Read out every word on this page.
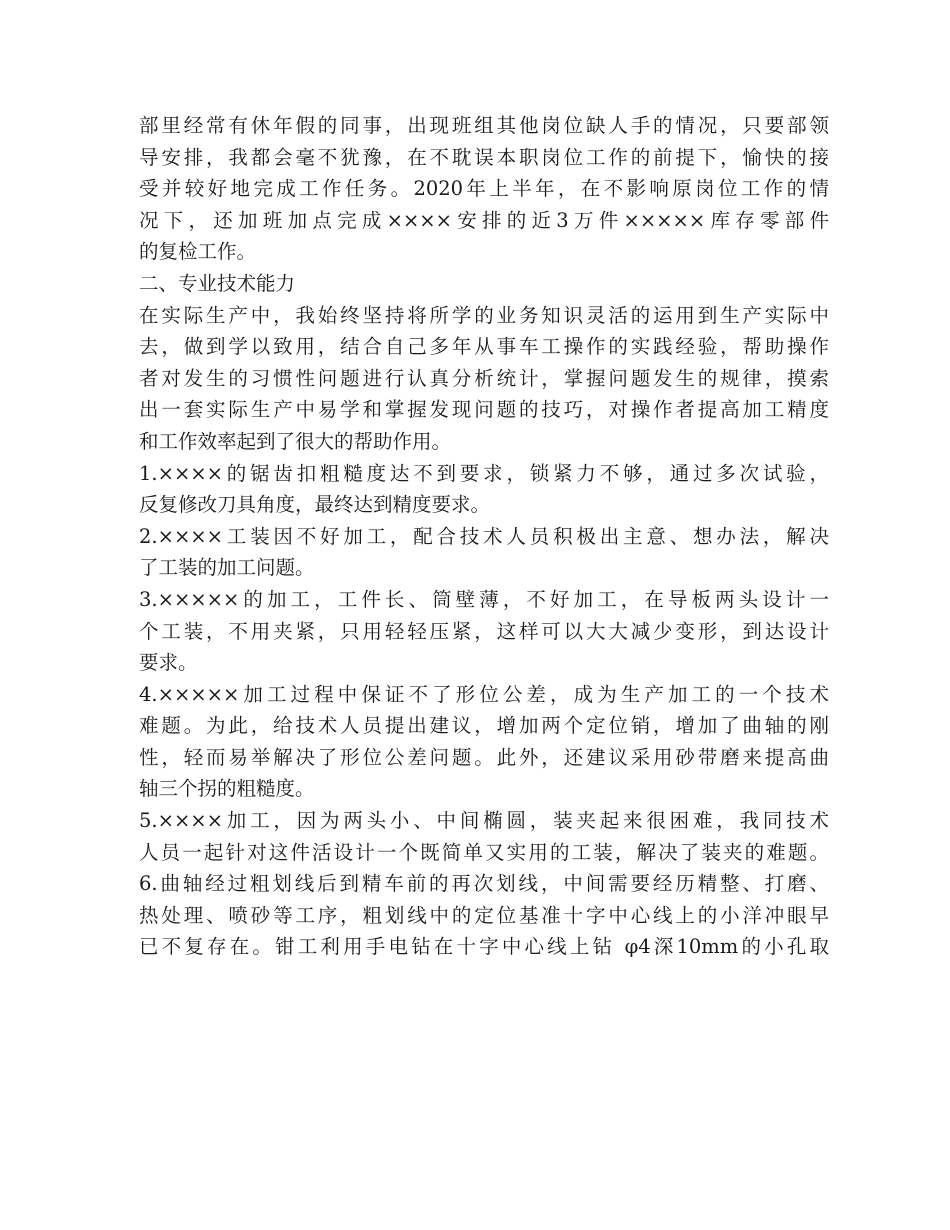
部里经常有休年假的同事，出现班组其他岗位缺人手的情况，只要部领
导安排，我都会毫不犹豫，在不耽误本职岗位工作的前提下，愉快的接
受并较好地完成工作任务。2020年上半年，在不影响原岗位工作的情
况下，还加班加点完成××××安排的近3万件×××××库存零部件
的复检工作。
二、专业技术能力
在实际生产中，我始终坚持将所学的业务知识灵活的运用到生产实际中
去，做到学以致用，结合自己多年从事车工操作的实践经验，帮助操作
者对发生的习惯性问题进行认真分析统计，掌握问题发生的规律，摸索
出一套实际生产中易学和掌握发现问题的技巧，对操作者提高加工精度
和工作效率起到了很大的帮助作用。
1.××××的锯齿扣粗糙度达不到要求，锁紧力不够，通过多次试验，
反复修改刀具角度，最终达到精度要求。
2.××××工装因不好加工，配合技术人员积极出主意、想办法，解决
了工装的加工问题。
3.×××××的加工，工件长、筒壁薄，不好加工，在导板两头设计一
个工装，不用夹紧，只用轻轻压紧，这样可以大大减少变形，到达设计
要求。
4.×××××加工过程中保证不了形位公差，成为生产加工的一个技术
难题。为此，给技术人员提出建议，增加两个定位销，增加了曲轴的刚
性，轻而易举解决了形位公差问题。此外，还建议采用砂带磨来提高曲
轴三个拐的粗糙度。
5.××××加工，因为两头小、中间椭圆，装夹起来很困难，我同技术
人员一起针对这件活设计一个既简单又实用的工装，解决了装夹的难题。
6.曲轴经过粗划线后到精车前的再次划线，中间需要经历精整、打磨、
热处理、喷砂等工序，粗划线中的定位基准十字中心线上的小洋冲眼早
已不复存在。钳工利用手电钻在十字中心线上钻 φ4深10mm的小孔取
